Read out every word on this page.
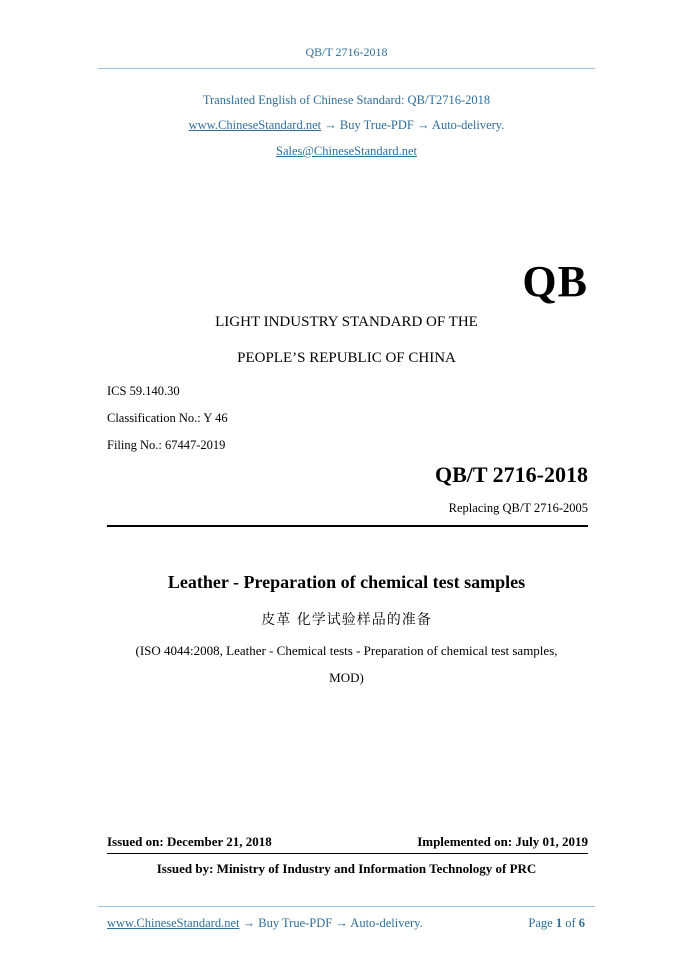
QB/T 2716-2018
Translated English of Chinese Standard: QB/T2716-2018
www.ChineseStandard.net → Buy True-PDF → Auto-delivery.
Sales@ChineseStandard.net
QB
LIGHT INDUSTRY STANDARD OF THE
PEOPLE’S REPUBLIC OF CHINA
ICS 59.140.30
Classification No.: Y 46
Filing No.: 67447-2019
QB/T 2716-2018
Replacing QB/T 2716-2005
Leather - Preparation of chemical test samples
皮革 化学试验样品的准备
(ISO 4044:2008, Leather - Chemical tests - Preparation of chemical test samples,
MOD)
Issued on: December 21, 2018	Implemented on: July 01, 2019
Issued by: Ministry of Industry and Information Technology of PRC
www.ChineseStandard.net → Buy True-PDF → Auto-delivery.	Page 1 of 6
